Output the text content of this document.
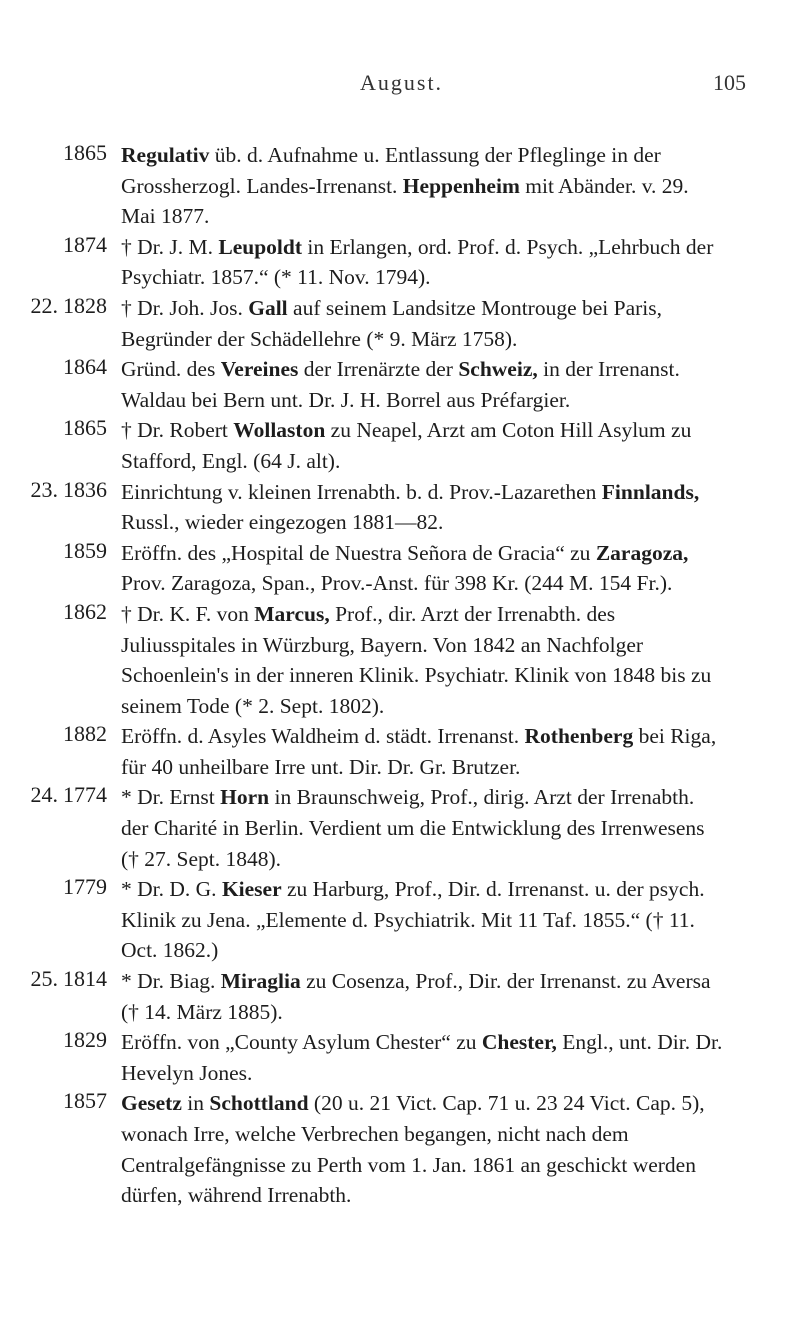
August.	105
1865 Regulativ üb. d. Aufnahme u. Entlassung der Pfleglinge in der Grossherzogl. Landes-Irrenanst. Heppenheim mit Abänder. v. 29. Mai 1877.
1874 † Dr. J. M. Leupoldt in Erlangen, ord. Prof. d. Psych. „Lehrbuch der Psychiatr. 1857.“ (* 11. Nov. 1794).
22. 1828 † Dr. Joh. Jos. Gall auf seinem Landsitze Montrouge bei Paris, Begründer der Schädellehre (* 9. März 1758).
1864 Gründ. des Vereines der Irrenärzte der Schweiz, in der Irrenanst. Waldau bei Bern unt. Dr. J. H. Borrel aus Préfargier.
1865 † Dr. Robert Wollaston zu Neapel, Arzt am Coton Hill Asylum zu Stafford, Engl. (64 J. alt).
23. 1836 Einrichtung v. kleinen Irrenabth. b. d. Prov.-Lazarethen Finnlands, Russl., wieder eingezogen 1881—82.
1859 Eröffn. des „Hospital de Nuestra Señora de Gracia“ zu Zaragoza, Prov. Zaragoza, Span., Prov.-Anst. für 398 Kr. (244 M. 154 Fr.).
1862 † Dr. K. F. von Marcus, Prof., dir. Arzt der Irrenabth. des Juliusspitales in Würzburg, Bayern. Von 1842 an Nachfolger Schoenlein's in der inneren Klinik. Psychiatr. Klinik von 1848 bis zu seinem Tode (* 2. Sept. 1802).
1882 Eröffn. d. Asyles Waldheim d. städt. Irrenanst. Rothenberg bei Riga, für 40 unheilbare Irre unt. Dir. Dr. Gr. Brutzer.
24. 1774 * Dr. Ernst Horn in Braunschweig, Prof., dirig. Arzt der Irrenabth. der Charité in Berlin. Verdient um die Entwicklung des Irrenwesens († 27. Sept. 1848).
1779 * Dr. D. G. Kieser zu Harburg, Prof., Dir. d. Irrenanst. u. der psych. Klinik zu Jena. „Elemente d. Psychiatrik. Mit 11 Taf. 1855.“ († 11. Oct. 1862.)
25. 1814 * Dr. Biag. Miraglia zu Cosenza, Prof., Dir. der Irrenanst. zu Aversa († 14. März 1885).
1829 Eröffn. von „County Asylum Chester“ zu Chester, Engl., unt. Dir. Dr. Hevelyn Jones.
1857 Gesetz in Schottland (20 u. 21 Vict. Cap. 71 u. 23 24 Vict. Cap. 5), wonach Irre, welche Verbrechen begangen, nicht nach dem Centralgefängnisse zu Perth vom 1. Jan. 1861 an geschickt werden dürfen, während Irrenabth.
